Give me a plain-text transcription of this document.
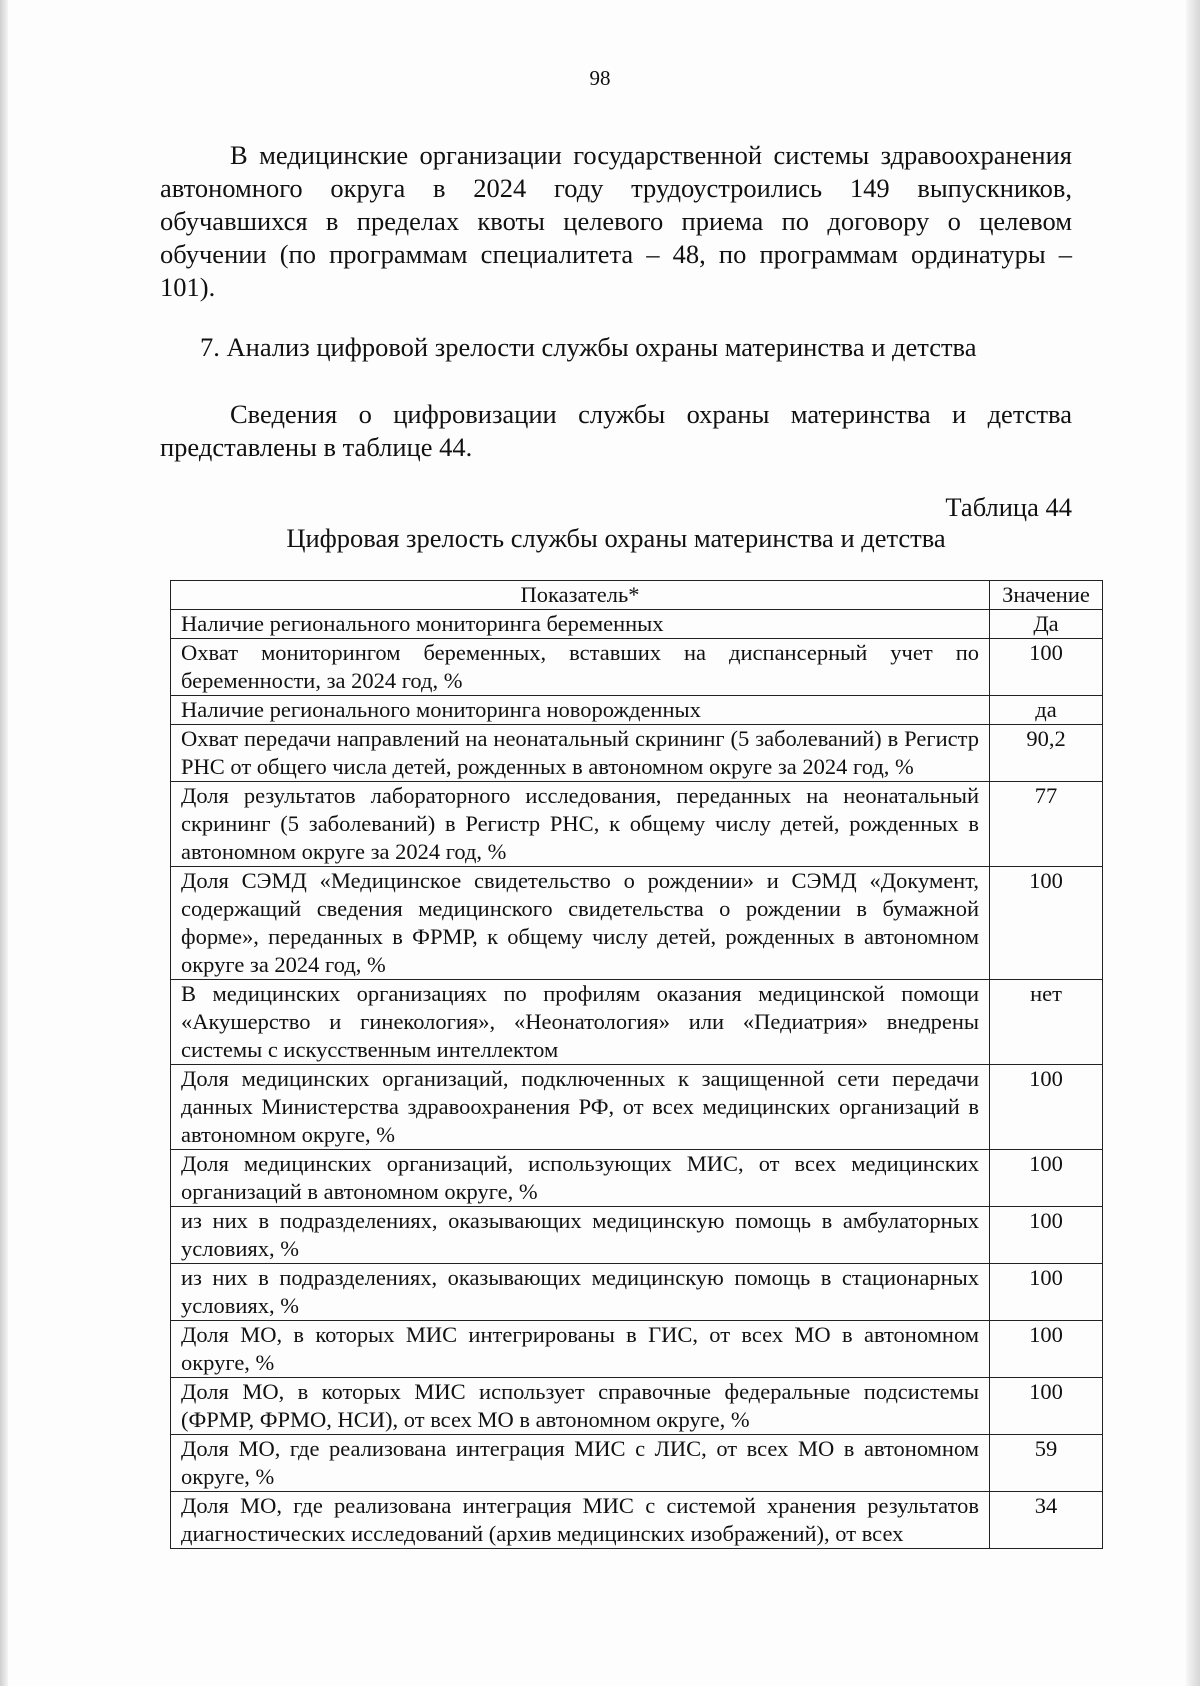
98

В медицинские организации государственной системы здравоохранения автономного округа в 2024 году трудоустроились 149 выпускников, обучавшихся в пределах квоты целевого приема по договору о целевом обучении (по программам специалитета – 48, по программам ординатуры – 101).

7. Анализ цифровой зрелости службы охраны материнства и детства

Сведения о цифровизации службы охраны материнства и детства представлены в таблице 44.

Таблица 44
Цифровая зрелость службы охраны материнства и детства
Показатель*	Значение
Наличие регионального мониторинга беременных	Да
Охват мониторингом беременных, вставших на диспансерный учет по беременности, за 2024 год, %	100
Наличие регионального мониторинга новорожденных	да
Охват передачи направлений на неонатальный скрининг (5 заболеваний) в Регистр РНС от общего числа детей, рожденных в автономном округе за 2024 год, %	90,2
Доля результатов лабораторного исследования, переданных на неонатальный скрининг (5 заболеваний) в Регистр РНС, к общему числу детей, рожденных в автономном округе за 2024 год, %	77
Доля СЭМД «Медицинское свидетельство о рождении» и СЭМД «Документ, содержащий сведения медицинского свидетельства о рождении в бумажной форме», переданных в ФРМР, к общему числу детей, рожденных в автономном округе за 2024 год, %	100
В медицинских организациях по профилям оказания медицинской помощи «Акушерство и гинекология», «Неонатология» или «Педиатрия» внедрены системы с искусственным интеллектом	нет
Доля медицинских организаций, подключенных к защищенной сети передачи данных Министерства здравоохранения РФ, от всех медицинских организаций в автономном округе, %	100
Доля медицинских организаций, использующих МИС, от всех медицинских организаций в автономном округе, %	100
из них в подразделениях, оказывающих медицинскую помощь в амбулаторных условиях, %	100
из них в подразделениях, оказывающих медицинскую помощь в стационарных условиях, %	100
Доля МО, в которых МИС интегрированы в ГИС, от всех МО в автономном округе, %	100
Доля МО, в которых МИС использует справочные федеральные подсистемы (ФРМР, ФРМО, НСИ), от всех МО в автономном округе, %	100
Доля МО, где реализована интеграция МИС с ЛИС, от всех МО в автономном округе, %	59
Доля МО, где реализована интеграция МИС с системой хранения результатов диагностических исследований (архив медицинских изображений), от всех	34
